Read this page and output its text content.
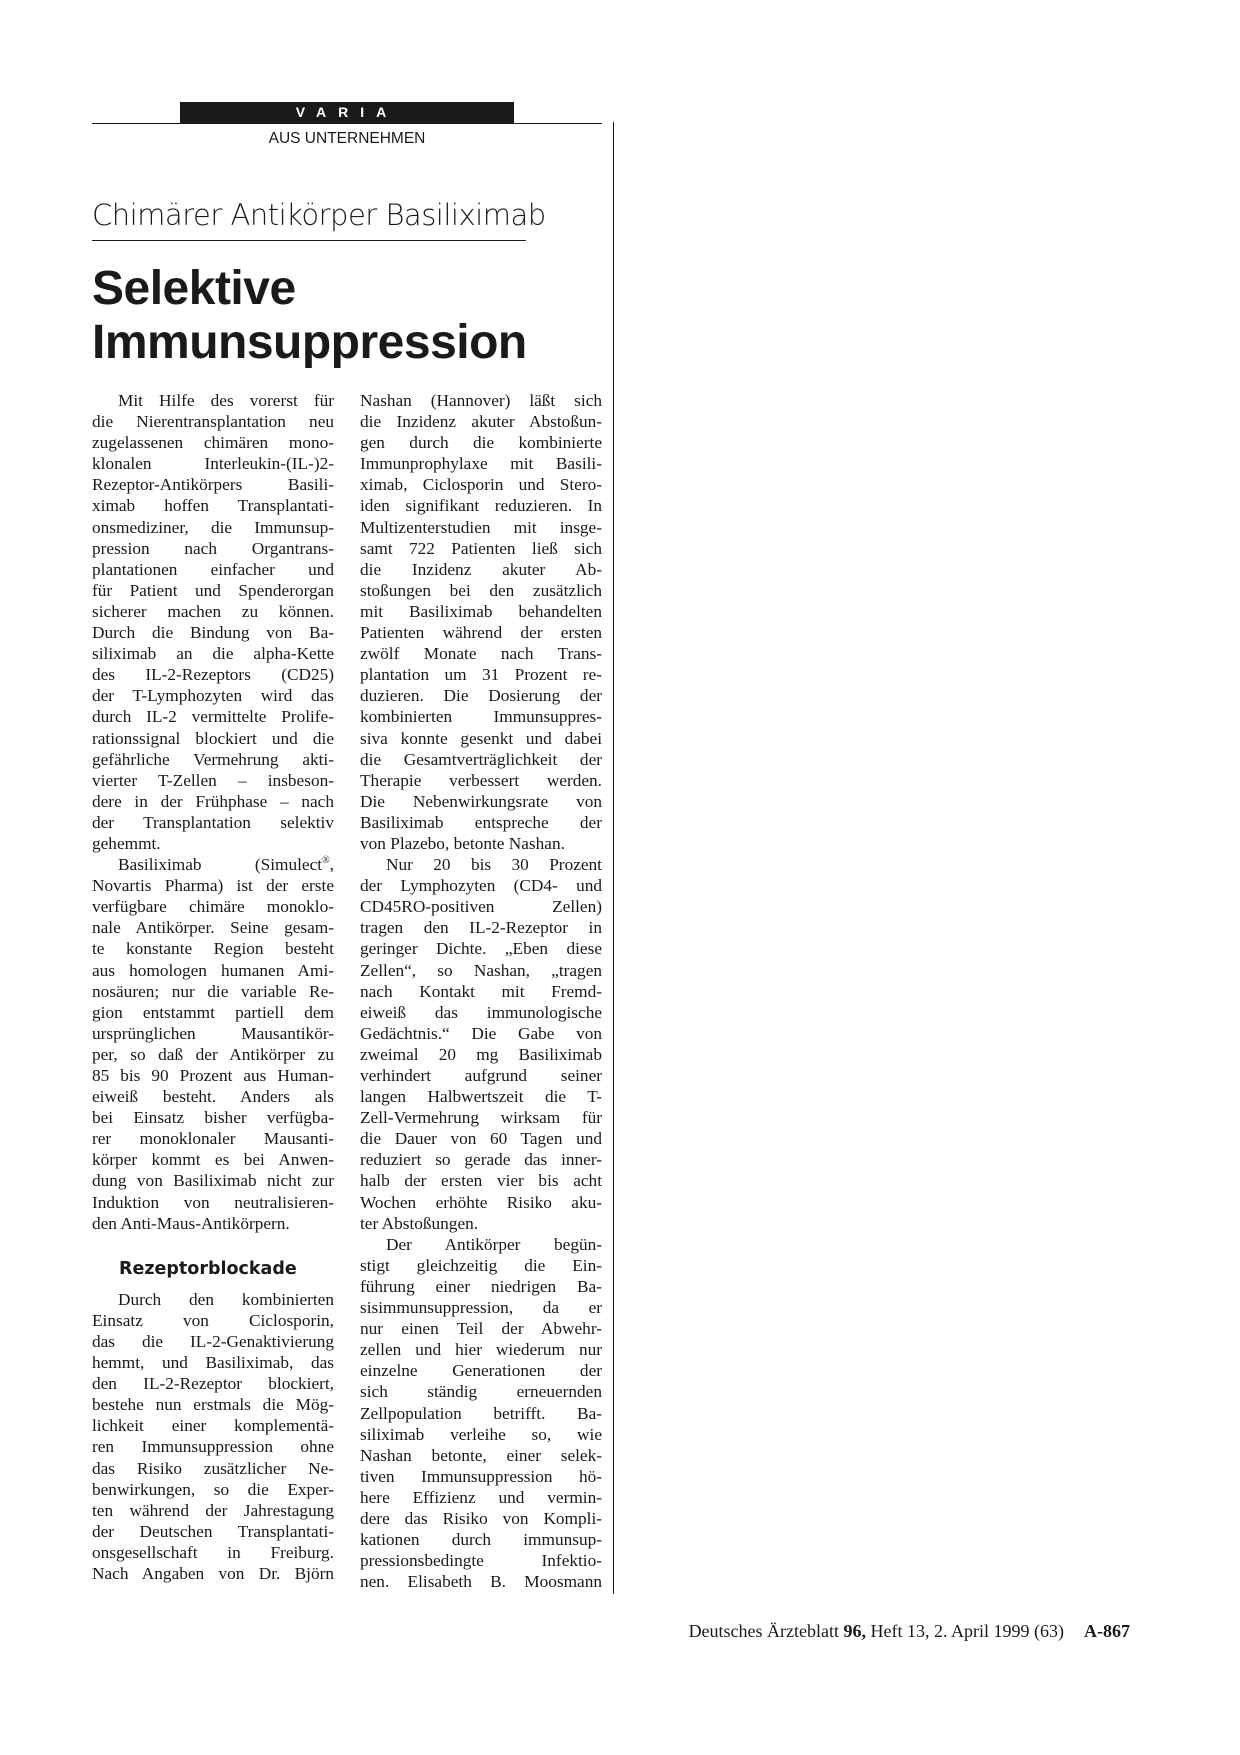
VARIA
AUS UNTERNEHMEN
Chimärer Antikörper Basiliximab
Selektive
Immunsuppression
Mit Hilfe des vorerst für
die Nierentransplantation neu
zugelassenen chimären mono-
klonalen Interleukin-(IL-)2-
Rezeptor-Antikörpers Basili-
ximab hoffen Transplantati-
onsmediziner, die Immunsup-
pression nach Organtrans-
plantationen einfacher und
für Patient und Spenderorgan
sicherer machen zu können.
Durch die Bindung von Ba-
siliximab an die alpha-Kette
des IL-2-Rezeptors (CD25)
der T-Lymphozyten wird das
durch IL-2 vermittelte Prolife-
rationssignal blockiert und die
gefährliche Vermehrung akti-
vierter T-Zellen – insbeson-
dere in der Frühphase – nach
der Transplantation selektiv
gehemmt.
Basiliximab (Simulect®,
Novartis Pharma) ist der erste
verfügbare chimäre monoklo-
nale Antikörper. Seine gesam-
te konstante Region besteht
aus homologen humanen Ami-
nosäuren; nur die variable Re-
gion entstammt partiell dem
ursprünglichen Mausantikör-
per, so daß der Antikörper zu
85 bis 90 Prozent aus Human-
eiweiß besteht. Anders als
bei Einsatz bisher verfügba-
rer monoklonaler Mausanti-
körper kommt es bei Anwen-
dung von Basiliximab nicht zur
Induktion von neutralisieren-
den Anti-Maus-Antikörpern.
Rezeptorblockade
Durch den kombinierten
Einsatz von Ciclosporin,
das die IL-2-Genaktivierung
hemmt, und Basiliximab, das
den IL-2-Rezeptor blockiert,
bestehe nun erstmals die Mög-
lichkeit einer komplementä-
ren Immunsuppression ohne
das Risiko zusätzlicher Ne-
benwirkungen, so die Exper-
ten während der Jahrestagung
der Deutschen Transplantati-
onsgesellschaft in Freiburg.
Nach Angaben von Dr. Björn
Nashan (Hannover) läßt sich
die Inzidenz akuter Abstoßun-
gen durch die kombinierte
Immunprophylaxe mit Basili-
ximab, Ciclosporin und Stero-
iden signifikant reduzieren. In
Multizenterstudien mit insge-
samt 722 Patienten ließ sich
die Inzidenz akuter Ab-
stoßungen bei den zusätzlich
mit Basiliximab behandelten
Patienten während der ersten
zwölf Monate nach Trans-
plantation um 31 Prozent re-
duzieren. Die Dosierung der
kombinierten Immunsuppres-
siva konnte gesenkt und dabei
die Gesamtverträglichkeit der
Therapie verbessert werden.
Die Nebenwirkungsrate von
Basiliximab entspreche der
von Plazebo, betonte Nashan.
Nur 20 bis 30 Prozent
der Lymphozyten (CD4- und
CD45RO-positiven Zellen)
tragen den IL-2-Rezeptor in
geringer Dichte. „Eben diese
Zellen“, so Nashan, „tragen
nach Kontakt mit Fremd-
eiweiß das immunologische
Gedächtnis.“ Die Gabe von
zweimal 20 mg Basiliximab
verhindert aufgrund seiner
langen Halbwertszeit die T-
Zell-Vermehrung wirksam für
die Dauer von 60 Tagen und
reduziert so gerade das inner-
halb der ersten vier bis acht
Wochen erhöhte Risiko aku-
ter Abstoßungen.
Der Antikörper begün-
stigt gleichzeitig die Ein-
führung einer niedrigen Ba-
sisimmunsuppression, da er
nur einen Teil der Abwehr-
zellen und hier wiederum nur
einzelne Generationen der
sich ständig erneuernden
Zellpopulation betrifft. Ba-
siliximab verleihe so, wie
Nashan betonte, einer selek-
tiven Immunsuppression hö-
here Effizienz und vermin-
dere das Risiko von Kompli-
kationen durch immunsup-
pressionsbedingte Infektio-
nen. Elisabeth B. Moosmann
Deutsches Ärzteblatt 96, Heft 13, 2. April 1999 (63) A-867
